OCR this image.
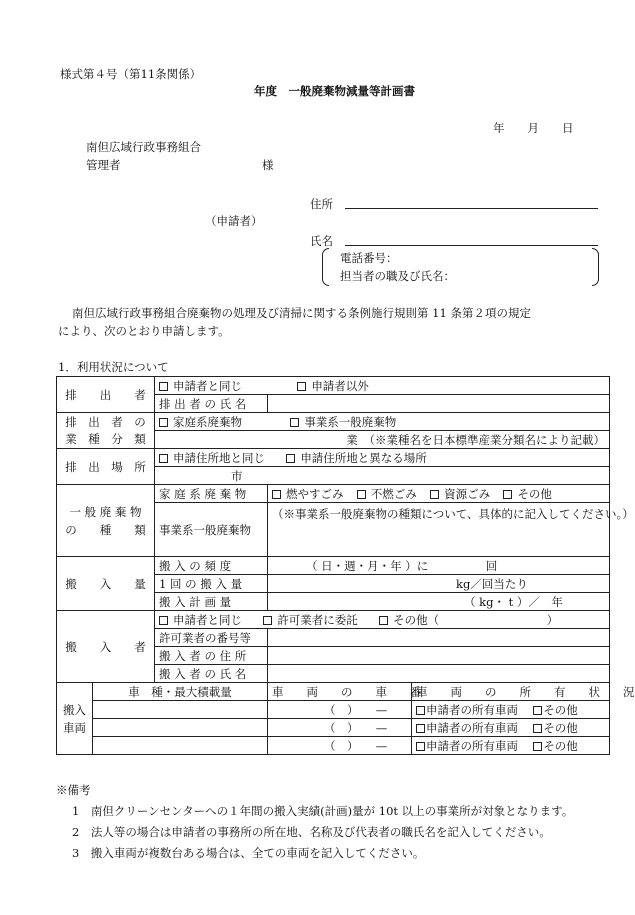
様式第４号（第11条関係）
年度　一般廃棄物減量等計画書
年　　月　　日
南但広域行政事務組合
管理者	様
住所
（申請者）
氏名
電話番号：
担当者の職及び氏名：
南但広域行政事務組合廃棄物の処理及び清掃に関する条例施行規則第 11 条第２項の規定
により、次のとおり申請します。
1．利用状況について
排　　出　　者		申請者と同じ 申請者以外		
		排 出 者 の 氏 名		

排　出　者　の
業　種　分　類		家庭系廃棄物 事業系一般廃棄物		
		業　（※業種名を日本標準産業分類名により記載）		
排　出　場　所		申請住所地と同じ 申請住所地と異なる場所		
		市		

一 般 廃 棄 物
の　　種　　類		家 庭 系 廃 棄 物	燃やすごみ 不燃ごみ 資源ごみ その他	
		事業系一般廃棄物	（※事業系一般廃棄物の種類について、具体的に記入してください。）	
搬　　入　　量		搬 入 の 頻 度	（ 日・週・月・年 ）に　　　　　回	
		1 回 の 搬 入 量	kg／回当たり	
		搬 入 計 画 量	（ kg・ t ）／　年	
搬　　入　　者		申請者と同じ 許可業者に委託 その他（ ）		
		許可業者の番号等		
		搬 入 者 の 住 所		
		搬 入 者 の 氏 名		

搬入
車両	車　種・最大積載量		車　　両　　の　　車　　番	車　　両　　の　　所　　有　　状　　況
			（　）　　—	申請者の所有車両 その他
			（　）　　—	申請者の所有車両 その他
			（　）　　—	申請者の所有車両 その他
※備考
1　南但クリーンセンターへの１年間の搬入実績(計画)量が 10t 以上の事業所が対象となります。
2　法人等の場合は申請者の事務所の所在地、名称及び代表者の職氏名を記入してください。
3　搬入車両が複数台ある場合は、全ての車両を記入してください。
